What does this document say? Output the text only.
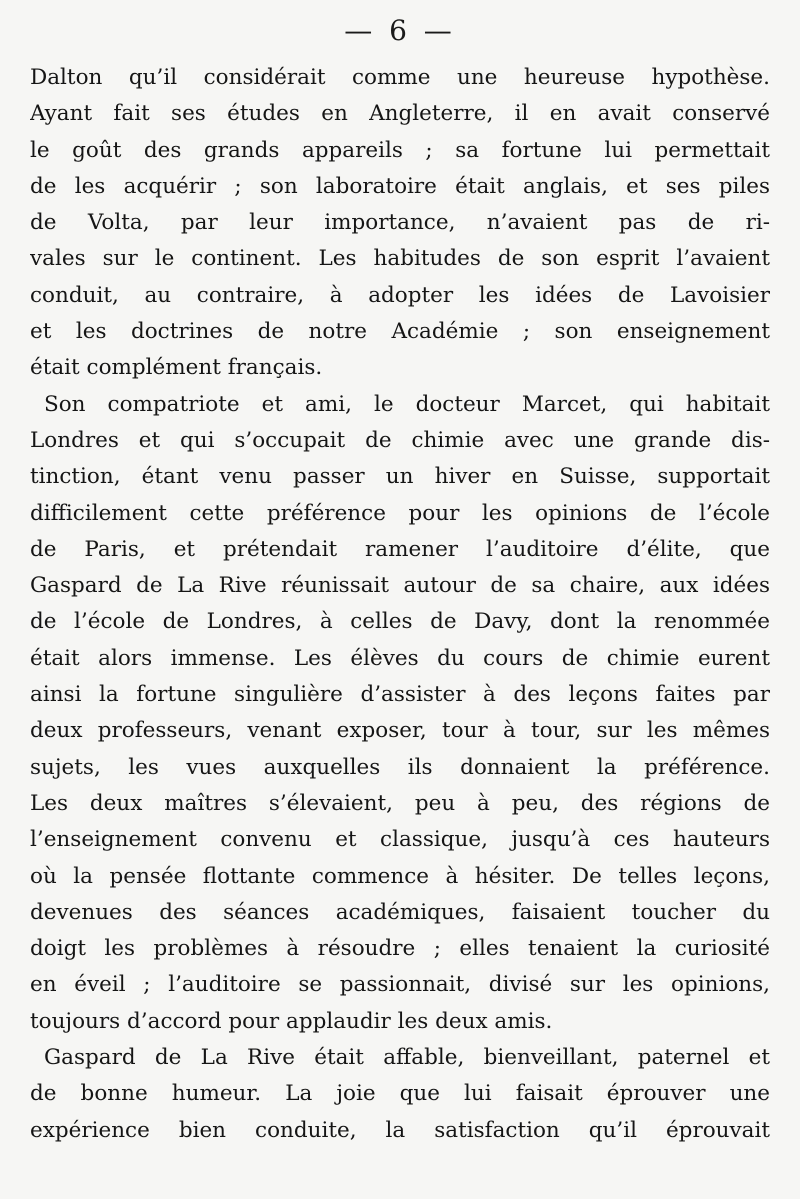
— 6 —
Dalton qu’il considérait comme une heureuse hypothèse.
Ayant fait ses études en Angleterre, il en avait conservé
le goût des grands appareils ; sa fortune lui permettait
de les acquérir ; son laboratoire était anglais, et ses piles
de Volta, par leur importance, n’avaient pas de ri-
vales sur le continent. Les habitudes de son esprit l’avaient
conduit, au contraire, à adopter les idées de Lavoisier
et les doctrines de notre Académie ; son enseignement
était complément français.
Son compatriote et ami, le docteur Marcet, qui habitait
Londres et qui s’occupait de chimie avec une grande dis-
tinction, étant venu passer un hiver en Suisse, supportait
difficilement cette préférence pour les opinions de l’école
de Paris, et prétendait ramener l’auditoire d’élite, que
Gaspard de La Rive réunissait autour de sa chaire, aux idées
de l’école de Londres, à celles de Davy, dont la renommée
était alors immense. Les élèves du cours de chimie eurent
ainsi la fortune singulière d’assister à des leçons faites par
deux professeurs, venant exposer, tour à tour, sur les mêmes
sujets, les vues auxquelles ils donnaient la préférence.
Les deux maîtres s’élevaient, peu à peu, des régions de
l’enseignement convenu et classique, jusqu’à ces hauteurs
où la pensée flottante commence à hésiter. De telles leçons,
devenues des séances académiques, faisaient toucher du
doigt les problèmes à résoudre ; elles tenaient la curiosité
en éveil ; l’auditoire se passionnait, divisé sur les opinions,
toujours d’accord pour applaudir les deux amis.
Gaspard de La Rive était affable, bienveillant, paternel et
de bonne humeur. La joie que lui faisait éprouver une
expérience bien conduite, la satisfaction qu’il éprouvait
